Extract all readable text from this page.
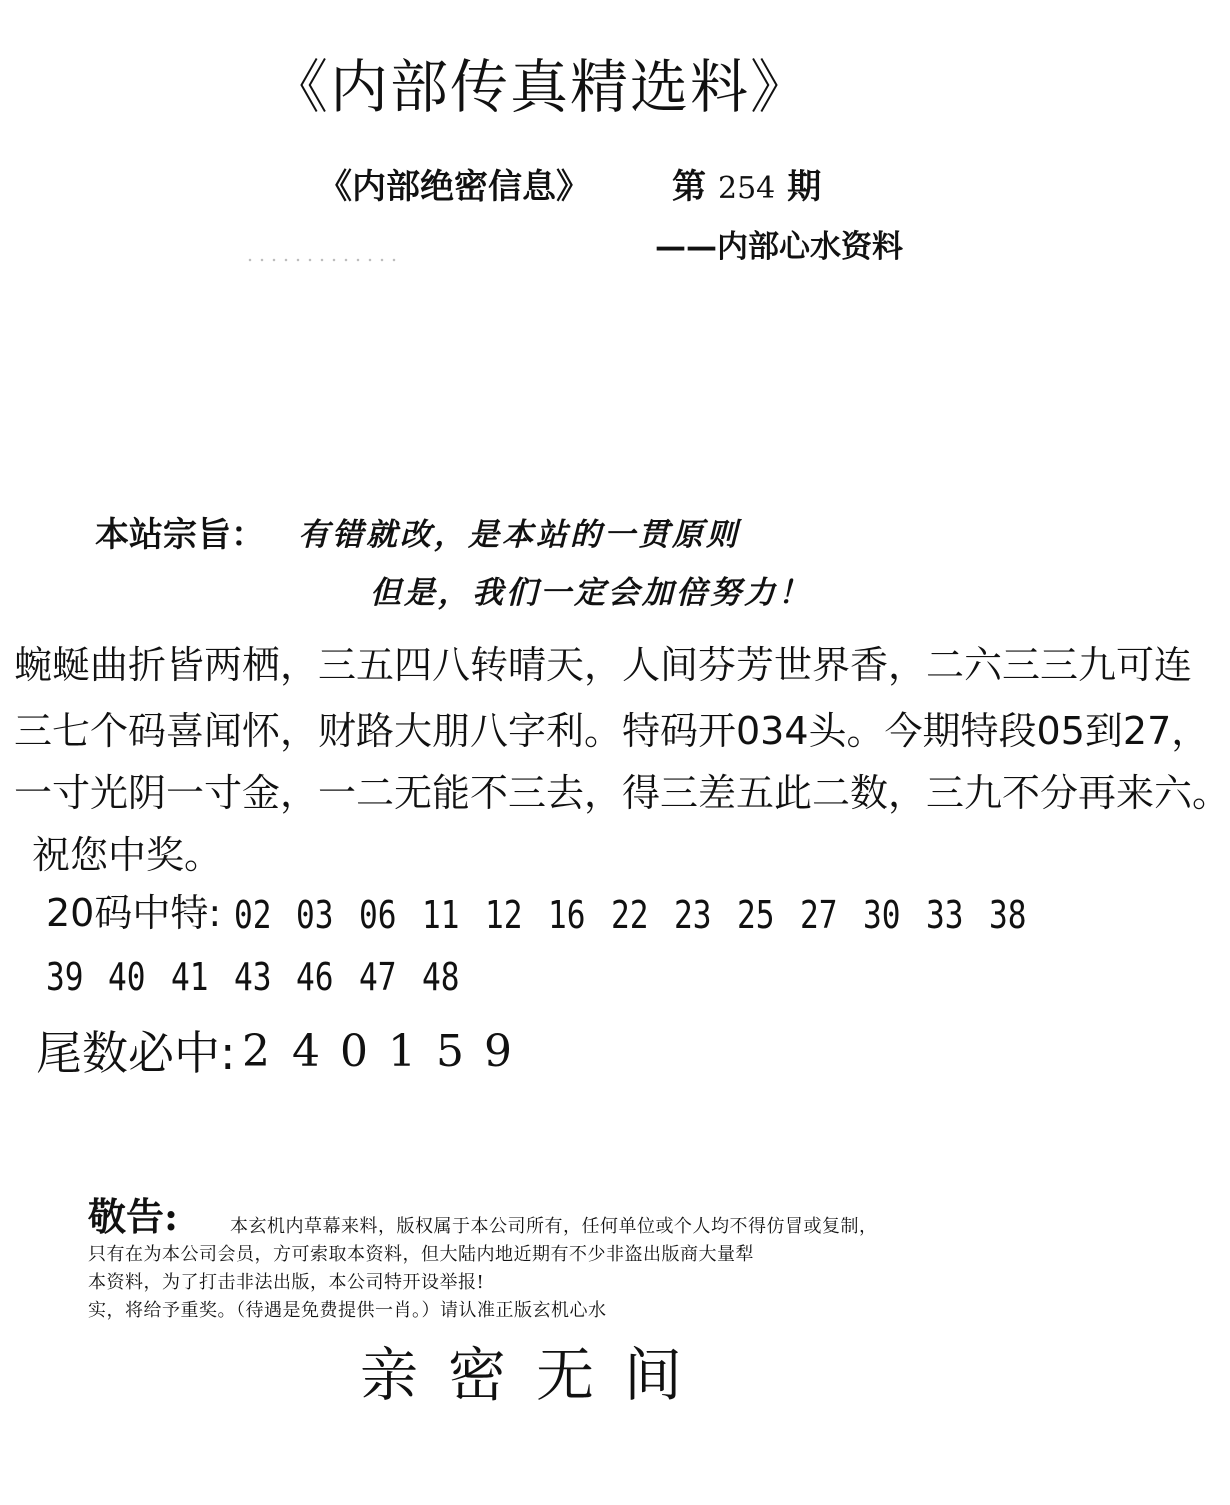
《内部传真精选料》
《内部绝密信息》 第 254 期
——内部心水资料
本站宗旨： 有错就改，是本站的一贯原则
但是，我们一定会加倍努力！
蜿蜒曲折皆两栖，三五四八转晴天，人间芬芳世界香，二六三三九可连
三七个码喜闻怀，财路大朋八字利。特码开034头。今期特段05到27，
一寸光阴一寸金，一二无能不三去，得三差五此二数，三九不分再来六。
祝您中奖。
20码中特: 02 03 06 11 12 16 22 23 25 27 30 33 38
39 40 41 43 46 47 48
尾数必中: 2 4 0 1 5 9
敬告:	本玄机内草幕来料，版权属于本公司所有，任何单位或个人均不得仿冒或复制，
只有在为本公司会员，方可索取本资料，但大陆内地近期有不少非盗出版商大量犁
本资料，为了打击非法出版，本公司特开设举报!
实，将给予重奖。（待遇是免费提供一肖。）请认准正版玄机心水
亲密无间
